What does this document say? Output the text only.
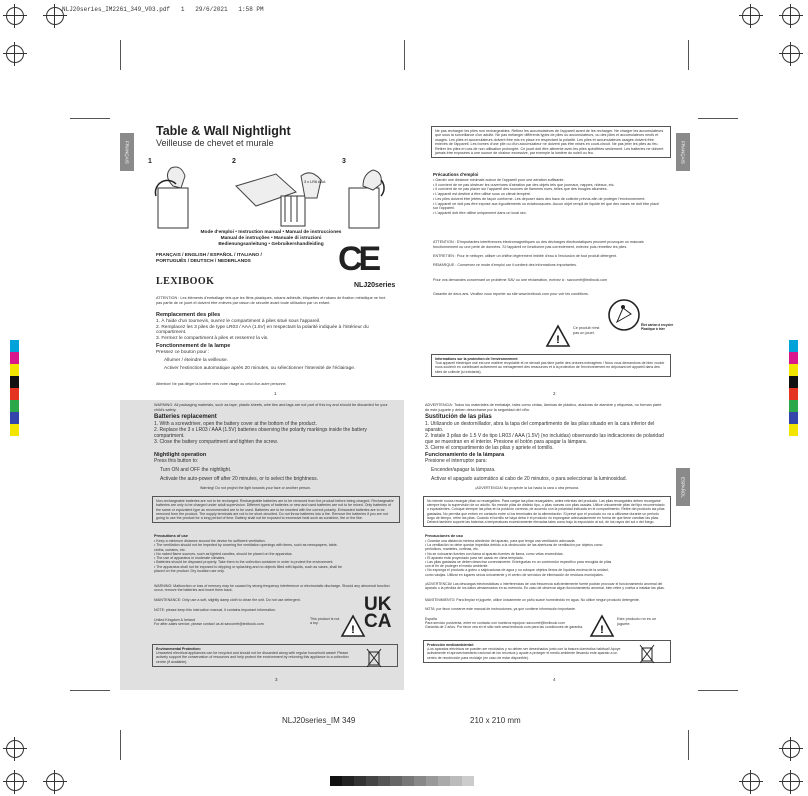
NLJ20series_IM2261_349_V03.pdf   1   29/6/2021   1:58 PM
FRANÇAIS	FRANÇAIS
ESPAÑOL
Table & Wall Nightlight
Veilleuse de chevet et murale
1	2	3
3 x LR6 AAA
Mode d'emploi • Instruction manual • Manual de instrucciones
Manual de instruções • Manuale di istruzioni
Bedienungsanleitung • Gebruikershandleiding
FRANÇAIS / ENGLISH / ESPAÑOL / ITALIANO /
PORTUGUÊS / DEUTSCH / NEDERLANDS	CE
LEXIBOOK	NLJ20series
ATTENTION : Les éléments d'emballage tels que les films plastiques, rubans adhésifs, étiquettes et rubans de fixation métallique ne font pas partie de ce jouet et doivent être enlevés par raison de sécurité avant toute utilisation par un enfant.
Remplacement des piles
1. À l'aide d'un tournevis, ouvrez le compartiment à piles situé sous l'appareil.
2. Remplacez les 3 piles de type LR03 / AAA (1.5V) en respectant la polarité indiquée à l'intérieur du compartiment.
3. Fermez le compartiment à piles et resserrez la vis.
Fonctionnement de la lampe
Pressez ce bouton pour :
Allumer / éteindre la veilleuse.
Activer l'extinction automatique après 20 minutes, ou sélectionner l'intensité de l'éclairage.
Attention! Ne pas diriger la lumière vers votre visage ou celui d'un autre personne.
1
Ne pas recharger les piles non rechargeables. Retirez les accumulateurs de l'appareil avant de les recharger. Ne charger les accumulateurs que sous la surveillance d'un adulte. Ne pas mélanger différents types de piles ou accumulateurs, ou des piles et accumulateurs neufs et usagés. Les piles et accumulateurs doivent être mis en place en respectant la polarité. Les piles et accumulateurs usagés doivent être enlevés de l'appareil. Les bornes d'une pile ou d'un accumulateur ne doivent pas être mises en court-circuit. Ne pas jeter les piles au feu. Retirer les piles en cas de non utilisation prolongée. Ce jouet doit être alimenté avec les piles spécifiées seulement. Les batteries ne doivent jamais être exposées à une source de chaleur excessive, par exemple la lumière du soleil ou feu.
Précautions d'emploi
• Garder une distance minimale autour de l'appareil pour une aération suffisante.
• Il convient de ne pas obstruer les ouvertures d'aération par des objets tels que journaux, nappes, rideaux, etc.
• Il convient de ne pas placer sur l'appareil des sources de flammes nues, telles que des bougies allumées.
• L'appareil est destiné à être utilisé sous un climat tempéré.
• Les piles doivent être jetées de façon conforme. Les déposer dans des bacs de collecte prévus afin de protéger l'environnement.
• L'appareil ne doit pas être exposé aux égouttements ou éclaboussures. Aucun objet rempli de liquide tel que des vases ne doit être placé sur l'appareil.
• L'appareil doit être utilisé uniquement dans un local sec.
ATTENTION : D'importantes interférences électromagnétiques ou des décharges électrostatiques peuvent provoquer un mauvais fonctionnement ou une perte de données. Si l'appareil ne fonctionne pas correctement, enlevez puis remettez les piles.
ENTRETIEN : Pour le nettoyer, utiliser un chiffon légèrement imbibé d'eau à l'exclusion de tout produit détergent.
REMARQUE : Conservez ce mode d'emploi car il contient des informations importantes.
Pour vos demandes concernant un problème SAV ou une réclamation, écrivez à : savcomfr@lexibook.com
Garantie de deux ans. Veuillez vous reporter au site www.lexibook.com pour voir les conditions.
!
Ce produit n'est pas un jouet.
Élet carton à recycler Plastique à trier
Informations sur la protection de l'environnement
Tout appareil électrique usé est une matière recyclable et ne devrait pas faire partie des ordures ménagères ! Nous vous demandons de bien vouloir nous soutenir en contribuant activement au ménagement des ressources et à la protection de l'environnement en déposant cet appareil dans des sites de collecte (si existants).
2
WARNING: All packaging materials, such as tape, plastic sheets, wire ties and tags are not part of this toy and should be discarded for your child's safety.
Batteries replacement
1. With a screwdriver, open the battery cover at the bottom of the product.
2. Replace the 3 x LR03 / AAA (1.5V) batteries observing the polarity markings inside the battery compartment.
3. Close the battery compartment and tighten the screw.
Nightlight operation
Press this button to:
Turn ON and OFF the nightlight.
Activate the auto-power off after 20 minutes, or to select the brightness.
Warning! Do not project the light towards your face or another person.
Non-rechargeable batteries are not to be recharged. Rechargeable batteries are to be removed from the product before being charged. Rechargeable batteries are only to be charged under adult supervision. Different types of batteries or new and used batteries are not to be mixed. Only batteries of the same or equivalent type as recommended are to be used. Batteries are to be inserted with the correct polarity. Exhausted batteries are to be removed from the product. The supply terminals are not to be short-circuited. Do not throw batteries into a fire. Remove the batteries if you are not going to use the product for a long period of time. Battery shall not be exposed to excessive heat such as sunshine, fire or the like.
Precautions of use
• Keep a minimum distance around the device for sufficient ventilation.
• The ventilation should not be impeded by covering the ventilation openings with items, such as newspapers, table-cloths, curtains, etc.
• No naked flame sources, such as lighted candles, should be placed on the apparatus.
• The use of apparatus in moderate climates.
• Batteries should be disposed properly. Take them to the collection container in order to protect the environment.
• The apparatus shall not be exposed to dripping or splashing and no objects filled with liquids, such as vases, shall be placed on the product. Dry location use only.
WARNING: Malfunction or loss of memory may be caused by strong frequency interference or electrostatic discharge. Should any abnormal function occur, remove the batteries and insert them back.
MAINTENANCE: Only use a soft, slightly damp cloth to clean the unit. Do not use detergent.
NOTE: please keep this instruction manual, it contains important information.
United Kingdom & Ireland
For after-sales service, please contact us at savcomfr@lexibook.com	!
UK CA
This product is not a toy.
Environmental Protection:
Unwanted electrical appliances can be recycled and should not be discarded along with regular household waste! Please actively support the conservation of resources and help protect the environment by returning this appliance to a collection centre (if available).
3
ADVERTENCIA: Todos los materiales de embalaje, tales como cintas, láminas de plástico, ataduras de alambre y etiquetas, no forman parte de este juguete y deben desecharse por la seguridad del niño.
Sustitución de las pilas
1. Utilizando un destornillador, abra la tapa del compartimento de las pilas situado en la cara inferior del aparato.
2. Instale 3 pilas de 1.5 V de tipo LR03 / AAA (1.5V) (no incluidas) observando las indicaciones de polaridad que se muestran en el interior. Presione el botón para apagar la lámpara.
3. Cierre el compartimento de las pilas y apriete el tornillo.
Funcionamiento de la lámpara
Presione el interruptor para:
Encender/apagar la lámpara.
Activar el apagado automático al cabo de 20 minutos, o para seleccionar la luminosidad.
¡ADVERTENCIA! No proyecte la luz hacia la cara u otra persona.
No intente nunca recargar pilas no recargables. Para cargar las pilas recargables, antes retírelas del producto. Las pilas recargables deben recargarse siempre bajo la supervisión de un adulto. No mezcle pilas de distinto tipo, o pilas nuevas con pilas usadas. Utilice únicamente pilas del tipo recomendado o equivalentes. Coloque siempre las pilas en la posición correcta, de acuerdo con la polaridad indicada en el compartimento. Retire del producto las pilas gastadas. No permita que entren en contacto entre sí los terminales de la alimentación. Si prevé que el producto no va a utilizarse durante un periodo largo de tiempo, retire las pilas. Cuando el tornillo se haya deba ir el producto no expóngase adecuadamente en forma de que tiene cambiar las pilas. Deberá también soporte las baterías a temperaturas excesivamente elevadas tales como bajo la exposición al sol, de los rayos del sol o del fuego.
Precauciones de uso
• Guardar una distancia mínima alrededor del aparato, para que tenga una ventilación adecuada.
• La ventilación no debe quedar impedida debido a la obstrucción de las aberturas de ventilación por objetos como periódicos, manteles, cortinas, etc.
• No se colocarán fuentes con llama al aparato fuentes de llama, como velas encendidas.
• El aparato está proyectado para ser usado en clima templado.
• Las pilas gastadas se deben desechar correctamente. Entréguelas en un contenedor específico para recogida de pilas con el fin de proteger el medio ambiente.
• No exponga el producto a goteo o salpicaduras de agua y no coloque objetos llenos de líquidos encima de la unidad, como vasijas. Utilizar en lugares secos únicamente y el centro de servicios de eliminación de residuos municipales.
¡ADVERTENCIA! Las descargas electrostáticas o interferencias de una frecuencia suficientemente fuerte podrán provocar el funcionamiento anormal del aparato o la pérdida de los datos almacenados en su memoria. En caso de observar algún funcionamiento anormal, bien retire y vuelva a instalar las pilas.
MANTENIMIENTO: Para limpiar el juguete, utilice únicamente un paño suave humedecido en agua. No utilice ningún producto detergente.
NOTA: por favor conserve este manual de instrucciones, ya que contiene información importante.
España
Para servicio postventa, entre en contacto con nuestros equipos: savcomfr@lexibook.com
Garantía de 2 años. Por favor vea en el sitio web www.lexibook.com para las condiciones de garantía.	!
Este producto no es un juguete.
Protección medioambiental:
¡Los aparatos eléctricos se pueden ser reciclados y no deben ser desechados junto con la basura doméstica habitual! Apoye activamente el aprovechamiento racional de los recursos y ayude a proteger el medio ambiente llevando este aparato a un centro de recolección para reciclaje (en caso de estar disponible).
4
NLJ20series_IM 349	210 x 210 mm
